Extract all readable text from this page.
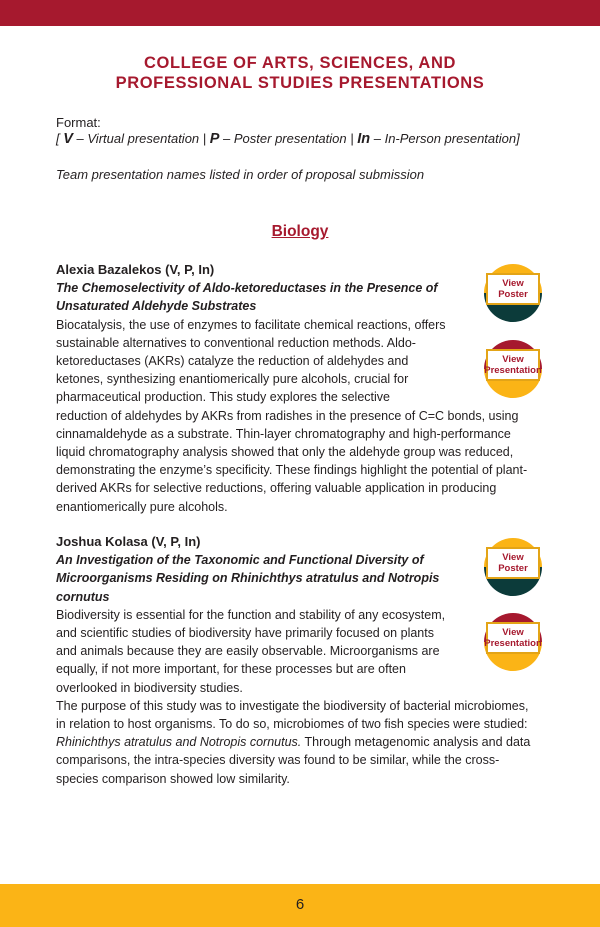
COLLEGE OF ARTS, SCIENCES, AND
PROFESSIONAL STUDIES PRESENTATIONS
Format:
[ V – Virtual presentation | P – Poster presentation | In – In-Person presentation]
Team presentation names listed in order of proposal submission
Biology
Alexia Bazalekos (V, P, In)
The Chemoselectivity of Aldo-ketoreductases in the Presence of
Unsaturated Aldehyde Substrates
Biocatalysis, the use of enzymes to facilitate chemical reactions, offers sustainable alternatives to conventional reduction methods. Aldo-ketoreductases (AKRs) catalyze the reduction of aldehydes and ketones, synthesizing enantiomerically pure alcohols, crucial for pharmaceutical production. This study explores the selective
reduction of aldehydes by AKRs from radishes in the presence of C=C bonds, using cinnamaldehyde as a substrate. Thin-layer chromatography and high-performance liquid chromatography analysis showed that only the aldehyde group was reduced, demonstrating the enzyme’s specificity. These findings highlight the potential of plant-derived AKRs for selective reductions, offering valuable application in producing enantiomerically pure alcohols.
View Poster
View Presentation
Joshua Kolasa (V, P, In)
An Investigation of the Taxonomic and Functional Diversity of
Microorganisms Residing on Rhinichthys atratulus and Notropis
cornutus
Biodiversity is essential for the function and stability of any ecosystem, and scientific studies of biodiversity have primarily focused on plants and animals because they are easily observable. Microorganisms are equally, if not more important, for these processes but are often overlooked in biodiversity studies.
The purpose of this study was to investigate the biodiversity of bacterial microbiomes, in relation to host organisms. To do so, microbiomes of two fish species were studied: Rhinichthys atratulus and Notropis cornutus. Through metagenomic analysis and data comparisons, the intra-species diversity was found to be similar, while the cross-species comparison showed low similarity.
View Poster
View Presentation
6
